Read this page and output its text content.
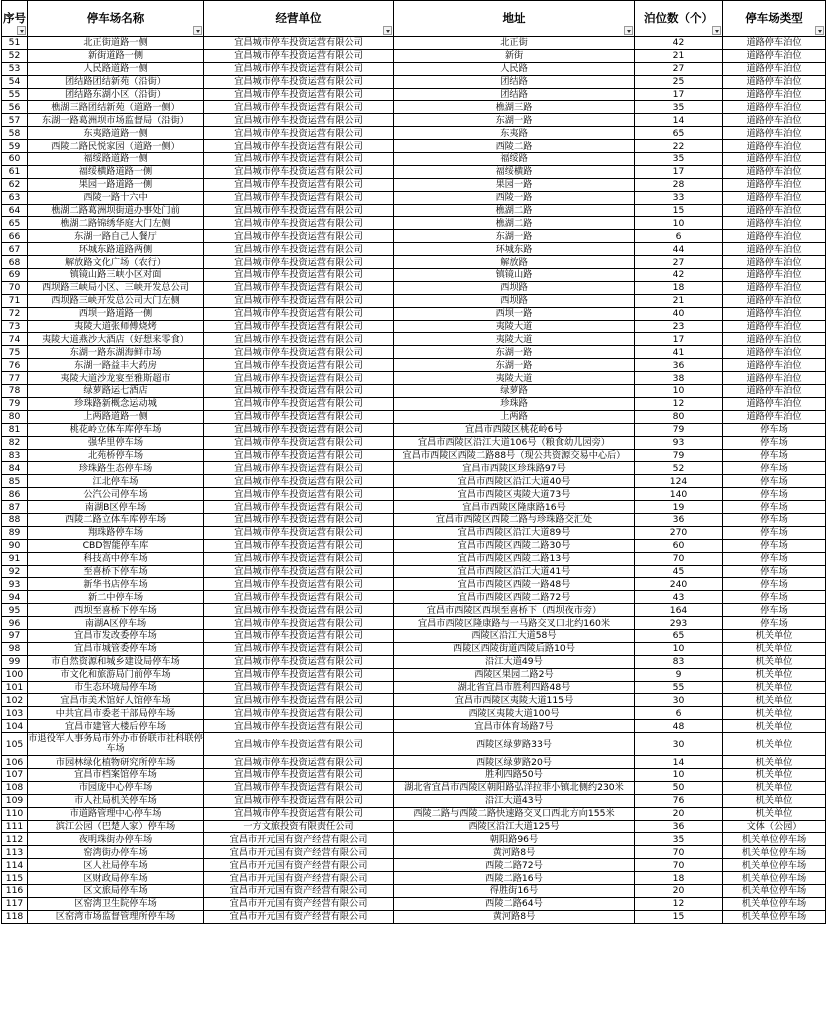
序号	停车场名称	经营单位	地址	泊位数（个）	停车场类型

51	北正街道路一侧	宜昌城市停车投资运营有限公司	北正街	42	道路停车泊位
52	新街道路一侧	宜昌城市停车投资运营有限公司	新街	21	道路停车泊位
53	人民路道路一侧	宜昌城市停车投资运营有限公司	人民路	27	道路停车泊位
54	团结路团结新苑（沿街）	宜昌城市停车投资运营有限公司	团结路	25	道路停车泊位
55	团结路东湖小区（沿街）	宜昌城市停车投资运营有限公司	团结路	17	道路停车泊位
56	樵湖三路团结新苑（道路一侧）	宜昌城市停车投资运营有限公司	樵湖三路	35	道路停车泊位
57	东湖一路葛洲坝市场监督局（沿街）	宜昌城市停车投资运营有限公司	东湖一路	14	道路停车泊位
58	东夷路道路一侧	宜昌城市停车投资运营有限公司	东夷路	65	道路停车泊位
59	西陵二路民悦家园（道路一侧）	宜昌城市停车投资运营有限公司	西陵二路	22	道路停车泊位
60	福绥路道路一侧	宜昌城市停车投资运营有限公司	福绥路	35	道路停车泊位
61	福绥横路道路一侧	宜昌城市停车投资运营有限公司	福绥横路	17	道路停车泊位
62	果园一路道路一侧	宜昌城市停车投资运营有限公司	果园一路	28	道路停车泊位
63	西陵一路十六中	宜昌城市停车投资运营有限公司	西陵一路	33	道路停车泊位
64	樵湖二路葛洲坝街道办事处门前	宜昌城市停车投资运营有限公司	樵湖二路	15	道路停车泊位
65	樵湖二路锦绣华庭大门左侧	宜昌城市停车投资运营有限公司	樵湖二路	10	道路停车泊位
66	东湖一路自己人餐厅	宜昌城市停车投资运营有限公司	东湖一路	6	道路停车泊位
67	环城东路道路两侧	宜昌城市停车投资运营有限公司	环城东路	44	道路停车泊位
68	解放路文化广场（农行）	宜昌城市停车投资运营有限公司	解放路	27	道路停车泊位
69	镇镜山路三峡小区对面	宜昌城市停车投资运营有限公司	镇镜山路	42	道路停车泊位
70	西坝路三峡局小区、三峡开发总公司	宜昌城市停车投资运营有限公司	西坝路	18	道路停车泊位
71	西坝路三峡开发总公司大门左侧	宜昌城市停车投资运营有限公司	西坝路	21	道路停车泊位
72	西坝一路道路一侧	宜昌城市停车投资运营有限公司	西坝一路	40	道路停车泊位
73	夷陵大道张师傅烧烤	宜昌城市停车投资运营有限公司	夷陵大道	23	道路停车泊位
74	夷陵大道燕沙大酒店（好想来零食）	宜昌城市停车投资运营有限公司	夷陵大道	17	道路停车泊位
75	东湖一路东湖海鲜市场	宜昌城市停车投资运营有限公司	东湖一路	41	道路停车泊位
76	东湖一路益丰大药房	宜昌城市停车投资运营有限公司	东湖一路	36	道路停车泊位
77	夷陵大道沙龙宴至雅斯超市	宜昌城市停车投资运营有限公司	夷陵大道	38	道路停车泊位
78	绿萝路运七酒店	宜昌城市停车投资运营有限公司	绿萝路	10	道路停车泊位
79	珍珠路新概念运动城	宜昌城市停车投资运营有限公司	珍珠路	12	道路停车泊位
80	上两路道路一侧	宜昌城市停车投资运营有限公司	上两路	80	道路停车泊位
81	桃花岭立体车库停车场	宜昌城市停车投资运营有限公司	宜昌市西陵区桃花岭6号	79	停车场
82	强华里停车场	宜昌城市停车投资运营有限公司	宜昌市西陵区沿江大道106号（粮食幼儿园旁）	93	停车场
83	北苑桥停车场	宜昌城市停车投资运营有限公司	宜昌市西陵区西陵二路88号（现公共资源交易中心后）	79	停车场
84	珍珠路生态停车场	宜昌城市停车投资运营有限公司	宜昌市西陵区珍珠路97号	52	停车场
85	江北停车场	宜昌城市停车投资运营有限公司	宜昌市西陵区沿江大道40号	124	停车场
86	公汽公司停车场	宜昌城市停车投资运营有限公司	宜昌市西陵区夷陵大道73号	140	停车场
87	南湖B区停车场	宜昌城市停车投资运营有限公司	宜昌市西陵区隆康路16号	19	停车场
88	西陵二路立体车库停车场	宜昌城市停车投资运营有限公司	宜昌市西陵区西陵二路与珍珠路交汇处	36	停车场
89	翔珠路停车场	宜昌城市停车投资运营有限公司	宜昌市西陵区沿江大道89号	270	停车场
90	CBD智能停车库	宜昌城市停车投资运营有限公司	宜昌市西陵区西陵二路30号	60	停车场
91	科技高中停车场	宜昌城市停车投资运营有限公司	宜昌市西陵区西陵二路13号	70	停车场
92	至喜桥下停车场	宜昌城市停车投资运营有限公司	宜昌市西陵区沿江大道41号	45	停车场
93	新华书店停车场	宜昌城市停车投资运营有限公司	宜昌市西陵区西陵一路48号	240	停车场
94	新二中停车场	宜昌城市停车投资运营有限公司	宜昌市西陵区西陵二路72号	43	停车场
95	西坝至喜桥下停车场	宜昌城市停车投资运营有限公司	宜昌市西陵区西坝至喜桥下（西坝夜市旁）	164	停车场
96	南湖A区停车场	宜昌城市停车投资运营有限公司	宜昌市西陵区隆康路与一马路交叉口北约160米	293	停车场
97	宜昌市发改委停车场	宜昌城市停车投资运营有限公司	西陵区沿江大道58号	65	机关单位
98	宜昌市城管委停车场	宜昌城市停车投资运营有限公司	西陵区西陵街道西陵后路10号	10	机关单位
99	市自然资源和城乡建设局停车场	宜昌城市停车投资运营有限公司	沿江大道49号	83	机关单位
100	市文化和旅游局门前停车场	宜昌城市停车投资运营有限公司	西陵区果园二路2号	9	机关单位
101	市生态环境局停车场	宜昌城市停车投资运营有限公司	湖北省宜昌市胜利四路48号	55	机关单位
102	宜昌市美术馆好人馆停车场	宜昌城市停车投资运营有限公司	宜昌市西陵区夷陵大道115号	30	机关单位
103	中共宜昌市委老干部局停车场	宜昌城市停车投资运营有限公司	西陵区夷陵大道100号	6	机关单位
104	宜昌市建管大楼后停车场	宜昌城市停车投资运营有限公司	宜昌市体育场路7号	48	机关单位
105	市退役军人事务局市外办市侨联市社科联停车场	宜昌城市停车投资运营有限公司	西陵区绿萝路33号	30	机关单位
106	市园林绿化植物研究所停车场	宜昌城市停车投资运营有限公司	西陵区绿萝路20号	14	机关单位
107	宜昌市档案馆停车场	宜昌城市停车投资运营有限公司	胜利四路50号	10	机关单位
108	市园庞中心停车场	宜昌城市停车投资运营有限公司	湖北省宜昌市西陵区朝阳路弘洋拉菲小镇北侧约230米	50	机关单位
109	市人社局机关停车场	宜昌城市停车投资运营有限公司	沿江大道43号	76	机关单位
110	市道路管理中心停车场	宜昌城市停车投资运营有限公司	西陵二路与西陵二路快速路交叉口西北方向155米	20	机关单位
111	滨江公园（巴楚人家）停车场	一方文旅投资有限责任公司	西陵区沿江大道125号	36	文体（公园）
112	夜明珠街办停车场	宜昌市开元国有资产经营有限公司	朝阳路96号	35	机关单位停车场
113	窑湾街办停车场	宜昌市开元国有资产经营有限公司	黄河路8号	70	机关单位停车场
114	区人社局停车场	宜昌市开元国有资产经营有限公司	西陵二路72号	70	机关单位停车场
115	区财政局停车场	宜昌市开元国有资产经营有限公司	西陵二路16号	18	机关单位停车场
116	区文旅局停车场	宜昌市开元国有资产经营有限公司	得胜街16号	20	机关单位停车场
117	区窑湾卫生院停车场	宜昌市开元国有资产经营有限公司	西陵二路64号	12	机关单位停车场
118	区窑湾市场监督管理所停车场	宜昌市开元国有资产经营有限公司	黄河路8号	15	机关单位停车场
